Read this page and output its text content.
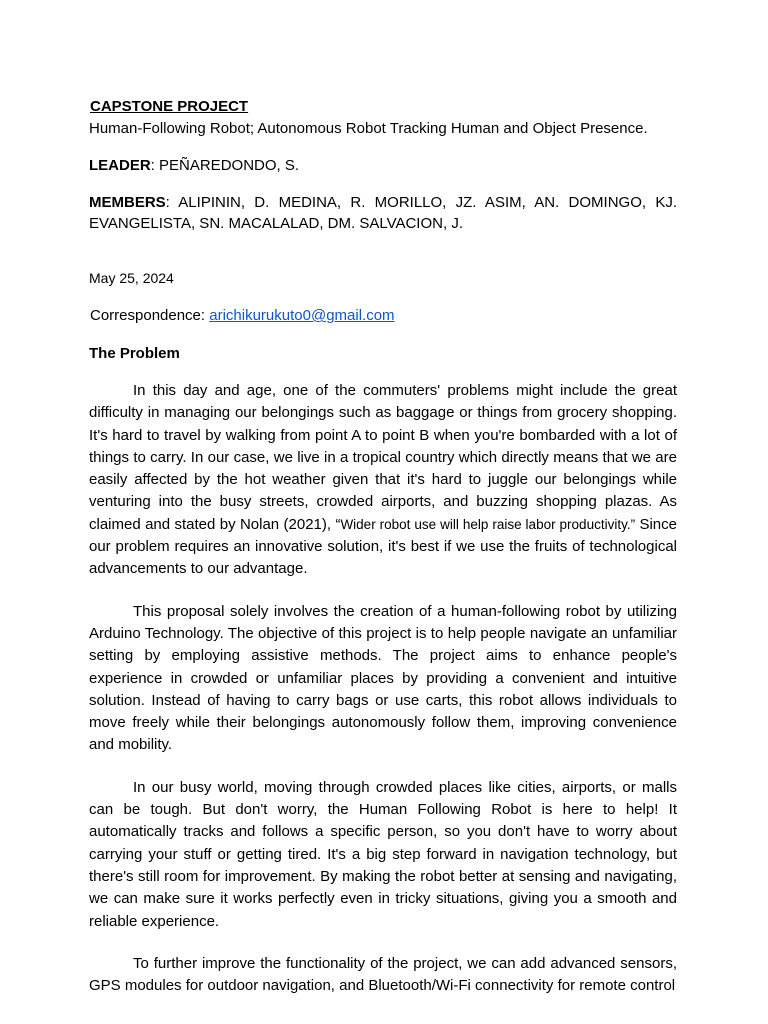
CAPSTONE PROJECT
Human-Following Robot; Autonomous Robot Tracking Human and Object Presence.
LEADER: PEÑAREDONDO, S.
MEMBERS: ALIPININ, D. MEDINA, R. MORILLO, JZ. ASIM, AN. DOMINGO, KJ. EVANGELISTA, SN. MACALALAD, DM. SALVACION, J.
May 25, 2024
Correspondence: arichikurukuto0@gmail.com
The Problem
In this day and age, one of the commuters' problems might include the great difficulty in managing our belongings such as baggage or things from grocery shopping. It's hard to travel by walking from point A to point B when you're bombarded with a lot of things to carry. In our case, we live in a tropical country which directly means that we are easily affected by the hot weather given that it's hard to juggle our belongings while venturing into the busy streets, crowded airports, and buzzing shopping plazas. As claimed and stated by Nolan (2021), “Wider robot use will help raise labor productivity.” Since our problem requires an innovative solution, it's best if we use the fruits of technological advancements to our advantage.
This proposal solely involves the creation of a human-following robot by utilizing Arduino Technology. The objective of this project is to help people navigate an unfamiliar setting by employing assistive methods. The project aims to enhance people's experience in crowded or unfamiliar places by providing a convenient and intuitive solution. Instead of having to carry bags or use carts, this robot allows individuals to move freely while their belongings autonomously follow them, improving convenience and mobility.
In our busy world, moving through crowded places like cities, airports, or malls can be tough. But don't worry, the Human Following Robot is here to help! It automatically tracks and follows a specific person, so you don't have to worry about carrying your stuff or getting tired. It's a big step forward in navigation technology, but there's still room for improvement. By making the robot better at sensing and navigating, we can make sure it works perfectly even in tricky situations, giving you a smooth and reliable experience.
To further improve the functionality of the project, we can add advanced sensors, GPS modules for outdoor navigation, and Bluetooth/Wi-Fi connectivity for remote control
